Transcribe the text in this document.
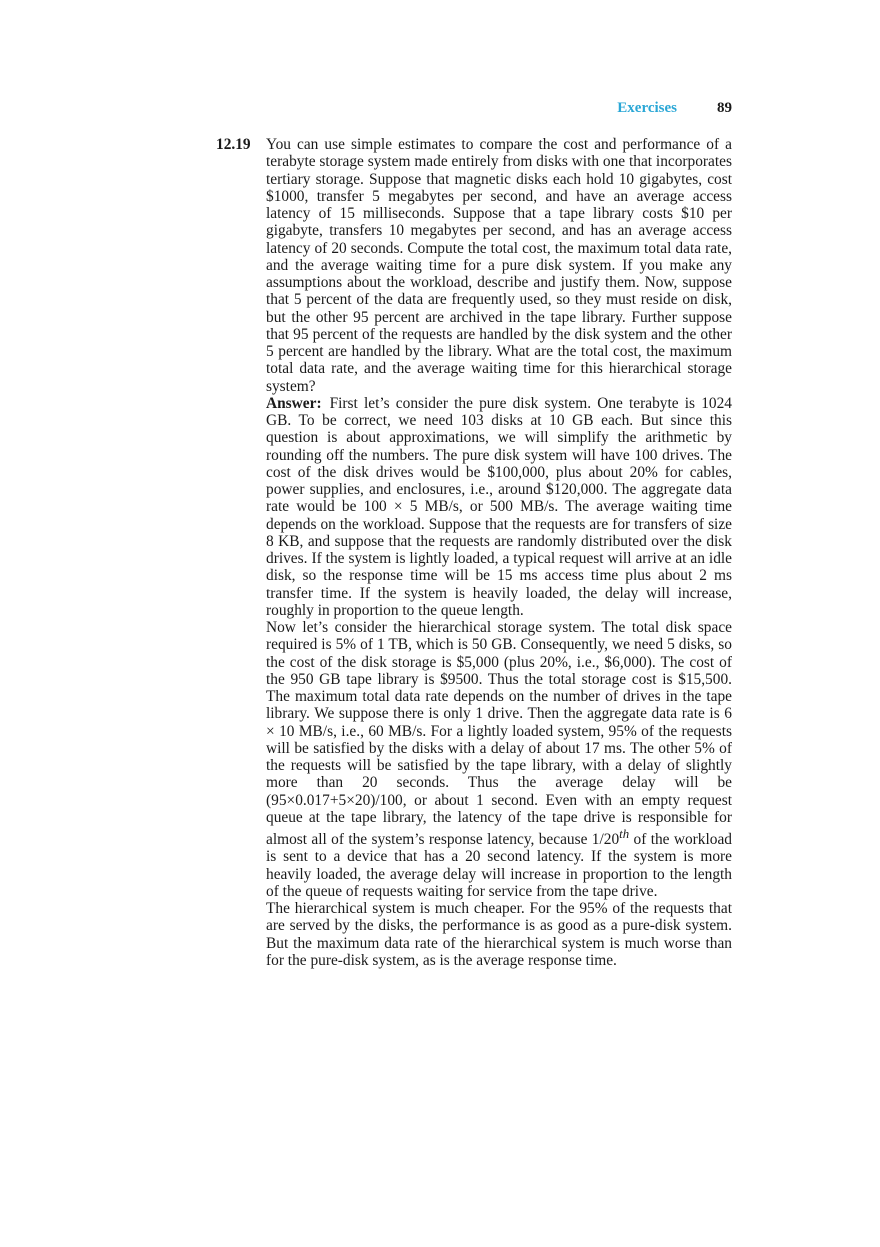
Exercises	89
12.19 You can use simple estimates to compare the cost and performance of a terabyte storage system made entirely from disks with one that incorporates tertiary storage. Suppose that magnetic disks each hold 10 gigabytes, cost $1000, transfer 5 megabytes per second, and have an average access latency of 15 milliseconds. Suppose that a tape library costs $10 per gigabyte, transfers 10 megabytes per second, and has an average access latency of 20 seconds. Compute the total cost, the maximum total data rate, and the average waiting time for a pure disk system. If you make any assumptions about the workload, describe and justify them. Now, suppose that 5 percent of the data are frequently used, so they must reside on disk, but the other 95 percent are archived in the tape library. Further suppose that 95 percent of the requests are handled by the disk system and the other 5 percent are handled by the library. What are the total cost, the maximum total data rate, and the average waiting time for this hierarchical storage system?

Answer: First let’s consider the pure disk system. One terabyte is 1024 GB. To be correct, we need 103 disks at 10 GB each. But since this question is about approximations, we will simplify the arithmetic by rounding off the numbers. The pure disk system will have 100 drives. The cost of the disk drives would be $100,000, plus about 20% for cables, power supplies, and enclosures, i.e., around $120,000. The aggregate data rate would be 100 × 5 MB/s, or 500 MB/s. The average waiting time depends on the workload. Suppose that the requests are for transfers of size 8 KB, and suppose that the requests are randomly distributed over the disk drives. If the system is lightly loaded, a typical request will arrive at an idle disk, so the response time will be 15 ms access time plus about 2 ms transfer time. If the system is heavily loaded, the delay will increase, roughly in proportion to the queue length.

Now let’s consider the hierarchical storage system. The total disk space required is 5% of 1 TB, which is 50 GB. Consequently, we need 5 disks, so the cost of the disk storage is $5,000 (plus 20%, i.e., $6,000). The cost of the 950 GB tape library is $9500. Thus the total storage cost is $15,500. The maximum total data rate depends on the number of drives in the tape library. We suppose there is only 1 drive. Then the aggregate data rate is 6 × 10 MB/s, i.e., 60 MB/s. For a lightly loaded system, 95% of the requests will be satisfied by the disks with a delay of about 17 ms. The other 5% of the requests will be satisfied by the tape library, with a delay of slightly more than 20 seconds. Thus the average delay will be (95×0.017+5×20)/100, or about 1 second. Even with an empty request queue at the tape library, the latency of the tape drive is responsible for almost all of the system’s response latency, because 1/20th of the workload is sent to a device that has a 20 second latency. If the system is more heavily loaded, the average delay will increase in proportion to the length of the queue of requests waiting for service from the tape drive.

The hierarchical system is much cheaper. For the 95% of the requests that are served by the disks, the performance is as good as a pure-disk system. But the maximum data rate of the hierarchical system is much worse than for the pure-disk system, as is the average response time.
